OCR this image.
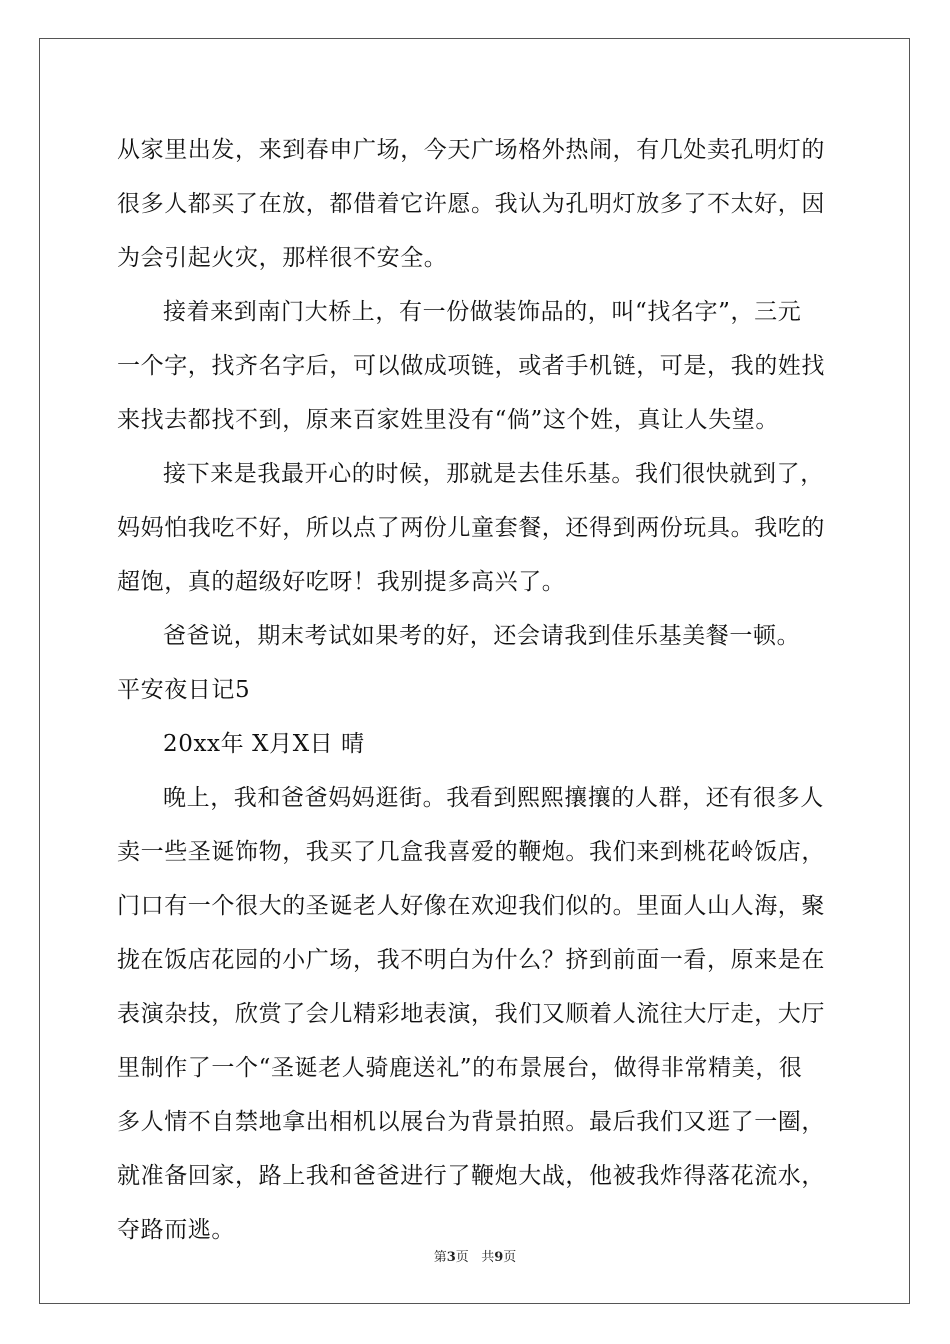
从家里出发，来到春申广场，今天广场格外热闹，有几处卖孔明灯的
很多人都买了在放，都借着它许愿。我认为孔明灯放多了不太好，因
为会引起火灾，那样很不安全。
接着来到南门大桥上，有一份做装饰品的，叫“找名字”，三元
一个字，找齐名字后，可以做成项链，或者手机链，可是，我的姓找
来找去都找不到，原来百家姓里没有“倘”这个姓，真让人失望。
接下来是我最开心的时候，那就是去佳乐基。我们很快就到了，
妈妈怕我吃不好，所以点了两份儿童套餐，还得到两份玩具。我吃的
超饱，真的超级好吃呀！我别提多高兴了。
爸爸说，期末考试如果考的好，还会请我到佳乐基美餐一顿。
平安夜日记5
20xx年 X月X日 晴
晚上，我和爸爸妈妈逛街。我看到熙熙攘攘的人群，还有很多人
卖一些圣诞饰物，我买了几盒我喜爱的鞭炮。我们来到桃花岭饭店，
门口有一个很大的圣诞老人好像在欢迎我们似的。里面人山人海，聚
拢在饭店花园的小广场，我不明白为什么？挤到前面一看，原来是在
表演杂技，欣赏了会儿精彩地表演，我们又顺着人流往大厅走，大厅
里制作了一个“圣诞老人骑鹿送礼”的布景展台，做得非常精美，很
多人情不自禁地拿出相机以展台为背景拍照。最后我们又逛了一圈，
就准备回家，路上我和爸爸进行了鞭炮大战，他被我炸得落花流水，
夺路而逃。
第3页 共9页
